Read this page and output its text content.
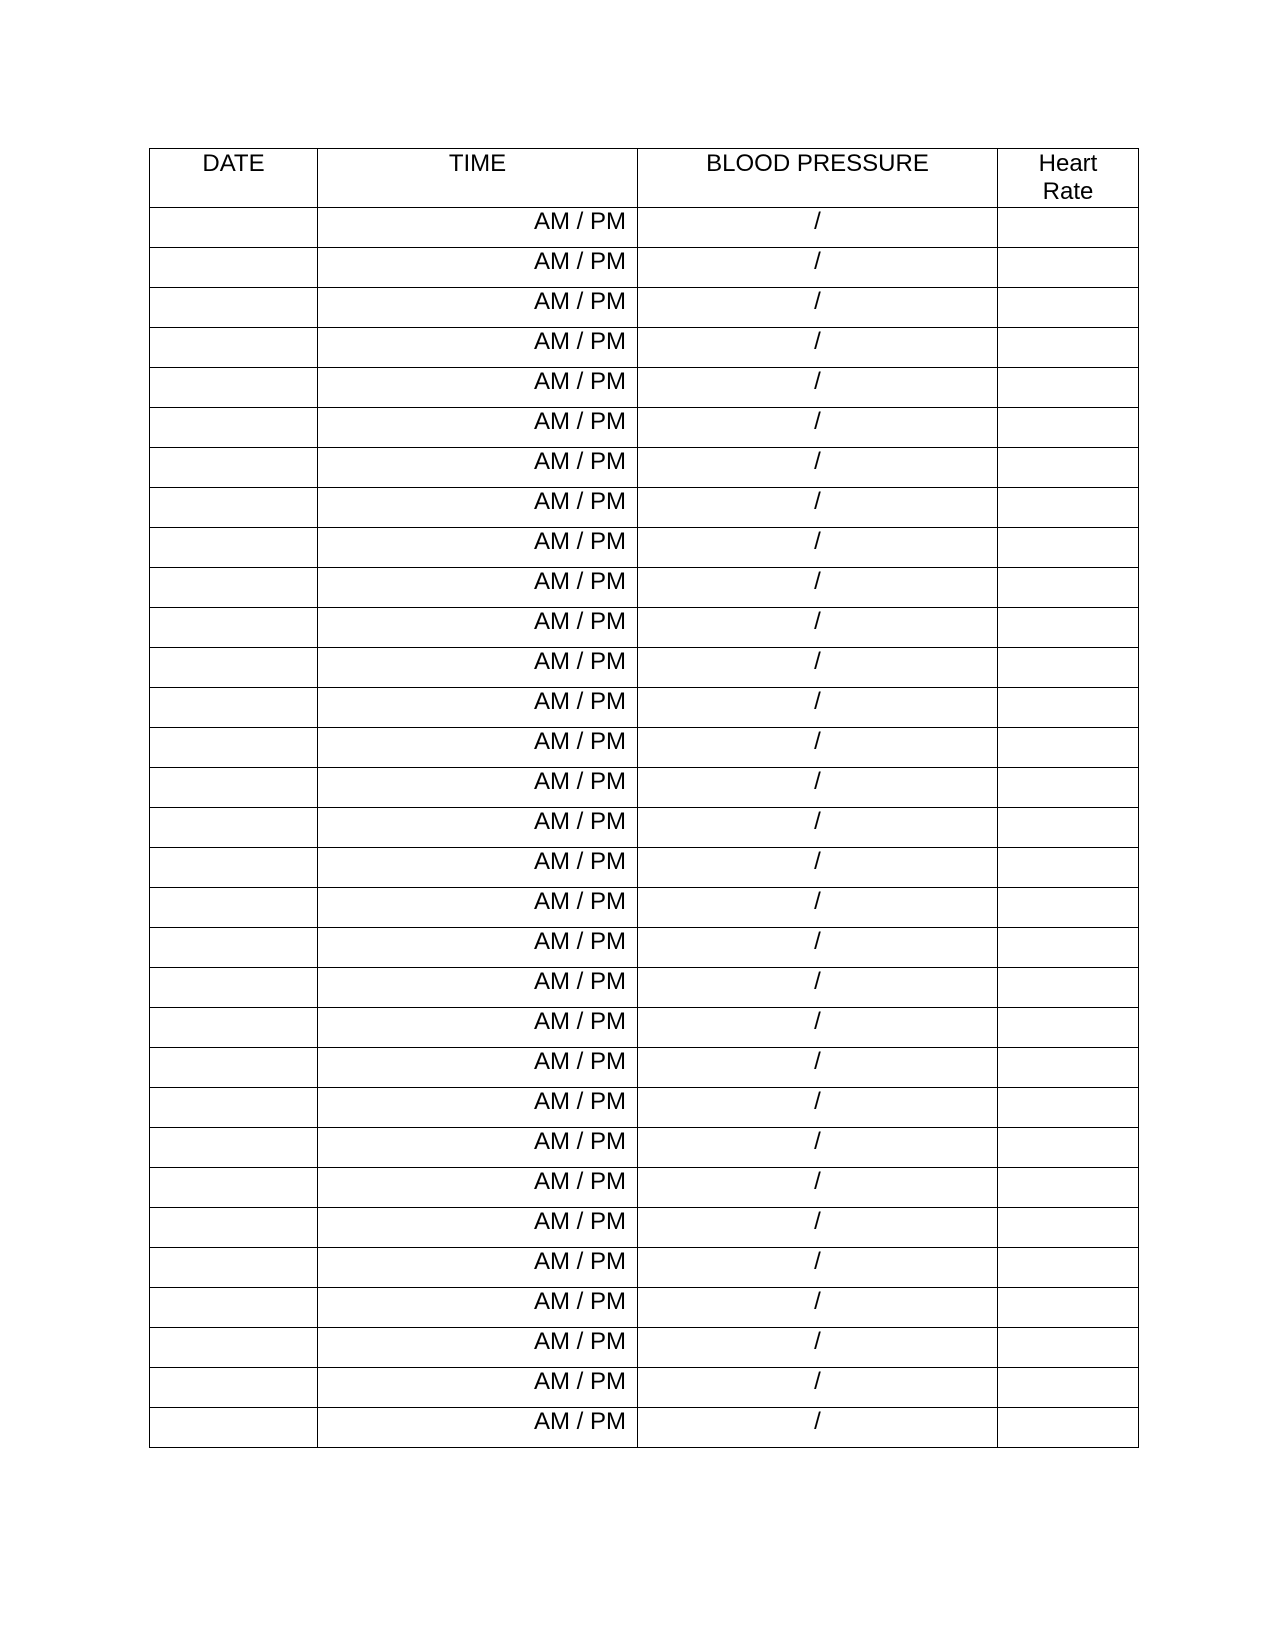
DATE	TIME	BLOOD PRESSURE	Heart
Rate

	AM / PM	/	
	AM / PM	/	
	AM / PM	/	
	AM / PM	/	
	AM / PM	/	
	AM / PM	/	
	AM / PM	/	
	AM / PM	/	
	AM / PM	/	
	AM / PM	/	
	AM / PM	/	
	AM / PM	/	
	AM / PM	/	
	AM / PM	/	
	AM / PM	/	
	AM / PM	/	
	AM / PM	/	
	AM / PM	/	
	AM / PM	/	
	AM / PM	/	
	AM / PM	/	
	AM / PM	/	
	AM / PM	/	
	AM / PM	/	
	AM / PM	/	
	AM / PM	/	
	AM / PM	/	
	AM / PM	/	
	AM / PM	/	
	AM / PM	/	
	AM / PM	/	
